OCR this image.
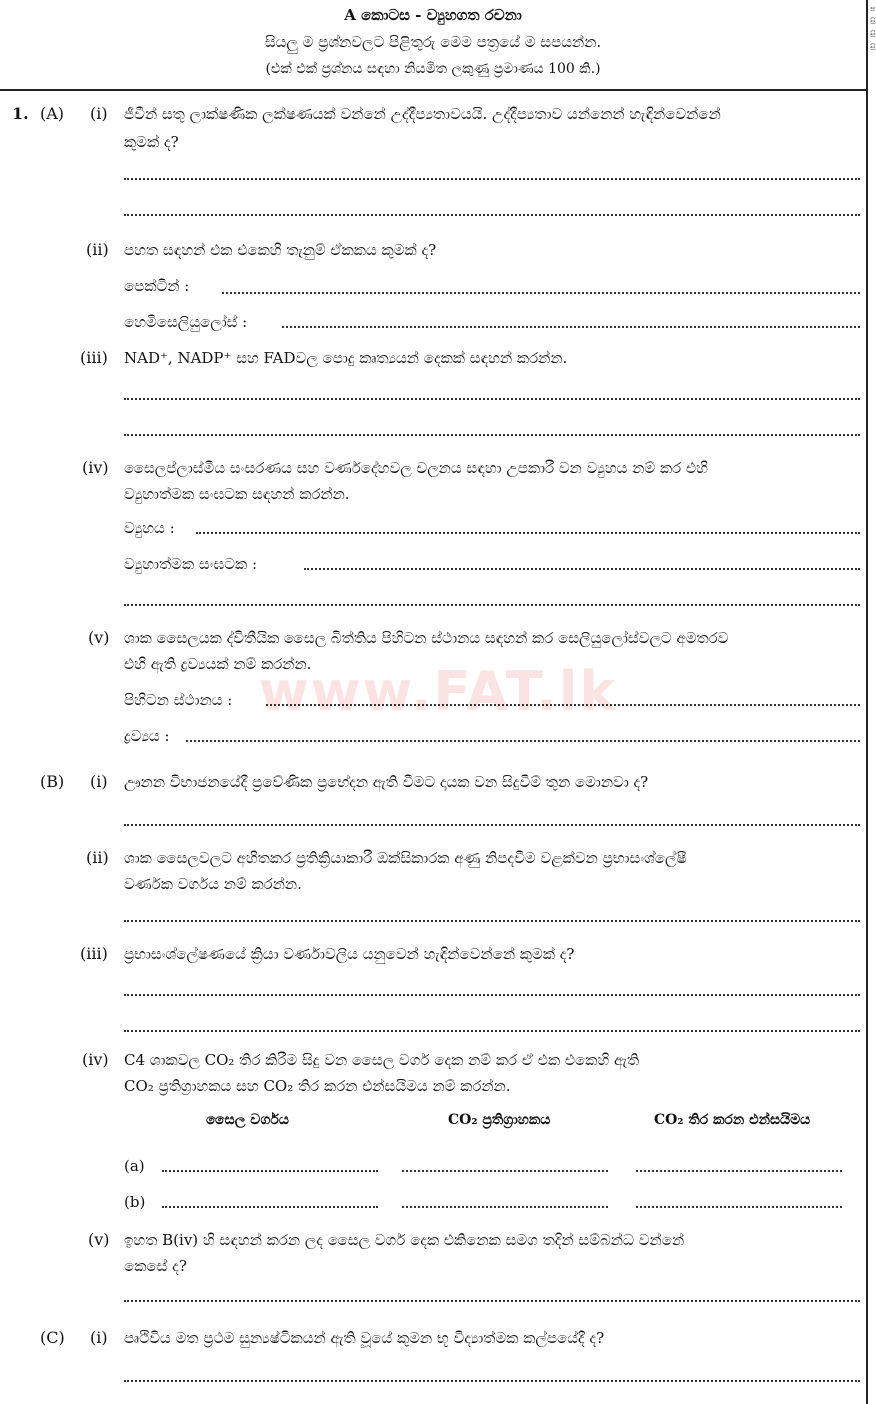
ප
සි
සි
සි
A කොටස - ව්‍යුහගත රචනා
සියලු ම ප්‍රශ්නවලට පිළිතුරු මෙම පත්‍රයේ ම සපයන්න.
(එක් එක් ප්‍රශ්නය සඳහා නියමිත ලකුණු ප්‍රමාණය 100 කි.)
www.FAT.lk
1. (A) (i) ජීවීන් සතු ලාක්ෂණික ලක්ෂණයක් වන්නේ උද්දීප්‍යතාවයයි. උද්දීප්‍යතාව යන්නෙන් හැඳින්වෙන්නේ
කුමක් ද?
(ii) පහත සඳහන් එක එකෙහි තැනුම් ඒකකය කුමක් ද?
පෙක්ටින් :
හෙමිසෙලියුලෝස් :
(iii) NAD⁺, NADP⁺ සහ FADවල පොදු කෘත්‍යයන් දෙකක් සඳහන් කරන්න.
(iv) සෛලප්ලාස්මීය සංසරණය සහ වර්ණදේහවල චලනය සඳහා උපකාරී වන ව්‍යුහය නම් කර එහි
ව්‍යුහාත්මක සංඝටක සඳහන් කරන්න.
ව්‍යුහය :
ව්‍යුහාත්මක සංඝටක :
(v) ශාක සෛලයක ද්විතීයික සෛල බිත්තිය පිහිටන ස්ථානය සඳහන් කර සෙලියුලෝස්වලට අමතරව
එහි ඇති ද්‍රව්‍යයක් නම් කරන්න.
පිහිටන ස්ථානය :
ද්‍රව්‍යය :
(B) (i) ඌනන විභාජනයේදී ප්‍රවේණික ප්‍රභේදන ඇති වීමට දායක වන සිදුවීම් තුන මොනවා ද?
(ii) ශාක සෛලවලට අහිතකර ප්‍රතික්‍රියාකාරී ඔක්සිකාරක අණු නිපදවීම වළක්වන ප්‍රභාසංශ්ලේෂී
වර්ණක වර්ගය නම් කරන්න.
(iii) ප්‍රභාසංශ්ලේෂණයේ ක්‍රියා වර්ණාවලිය යනුවෙන් හැඳින්වෙන්නේ කුමක් ද?
(iv) C4 ශාකවල CO₂ තිර කිරීම සිදු වන සෛල වර්ග දෙක නම් කර ඒ එක එකෙහි ඇති
CO₂ ප්‍රතිග්‍රාහකය සහ CO₂ තිර කරන එන්සයිමය නම් කරන්න.
සෛල වර්ගය	CO₂ ප්‍රතිග්‍රාහකය	CO₂ තිර කරන එන්සයිමය
(a)
(b)
(v) ඉහත B(iv) හි සඳහන් කරන ලද සෛල වර්ග දෙක එකිනෙක සමග තදින් සම්බන්ධ වන්නේ
කෙසේ ද?
(C) (i) පෘථිවිය මත ප්‍රථම සුන්‍යෂ්ටිකයන් ඇති වූයේ කුමන භූ විද්‍යාත්මක කල්පයේදී ද?
